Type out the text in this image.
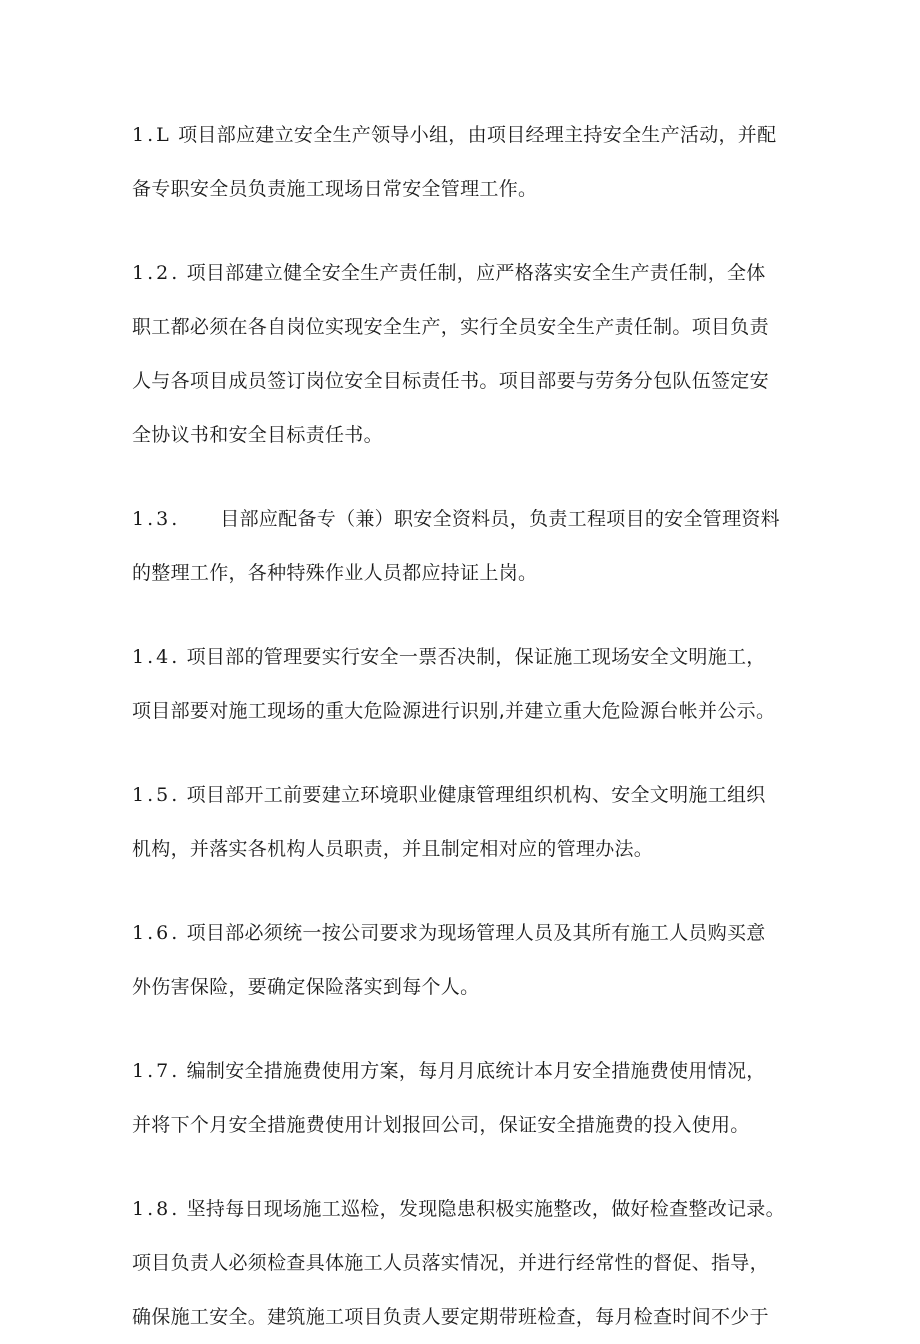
1.L 项目部应建立安全生产领导小组，由项目经理主持安全生产活动，并配
备专职安全员负责施工现场日常安全管理工作。

1.2. 项目部建立健全安全生产责任制，应严格落实安全生产责任制，全体
职工都必须在各自岗位实现安全生产，实行全员安全生产责任制。项目负责
人与各项目成员签订岗位安全目标责任书。项目部要与劳务分包队伍签定安
全协议书和安全目标责任书。

1.3. 目部应配备专（兼）职安全资料员，负责工程项目的安全管理资料
的整理工作，各种特殊作业人员都应持证上岗。

1.4. 项目部的管理要实行安全一票否决制，保证施工现场安全文明施工，
项目部要对施工现场的重大危险源进行识别,并建立重大危险源台帐并公示。

1.5. 项目部开工前要建立环境职业健康管理组织机构、安全文明施工组织
机构，并落实各机构人员职责，并且制定相对应的管理办法。

1.6. 项目部必须统一按公司要求为现场管理人员及其所有施工人员购买意
外伤害保险，要确定保险落实到每个人。

1.7. 编制安全措施费使用方案，每月月底统计本月安全措施费使用情况，
并将下个月安全措施费使用计划报回公司，保证安全措施费的投入使用。

1.8. 坚持每日现场施工巡检，发现隐患积极实施整改，做好检查整改记录。
项目负责人必须检查具体施工人员落实情况，并进行经常性的督促、指导，
确保施工安全。建筑施工项目负责人要定期带班检查，每月检查时间不少于
